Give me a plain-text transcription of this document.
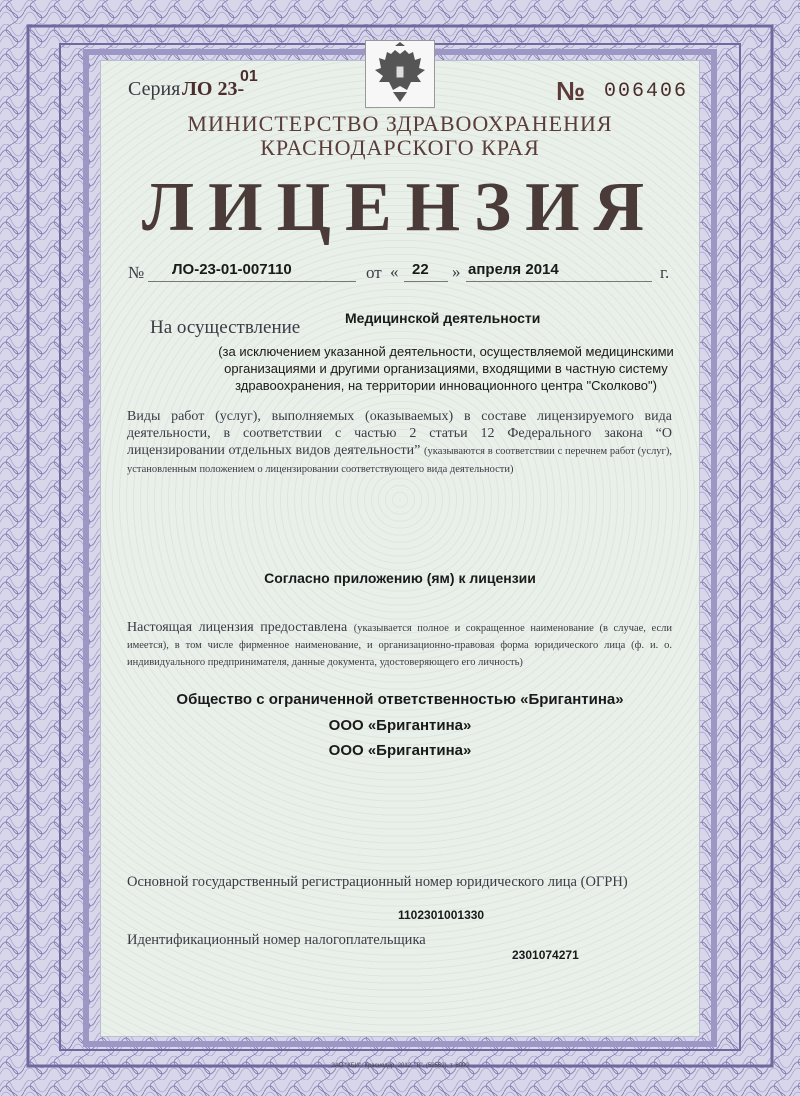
Серия ЛО 23-
01	№ 006406
МИНИСТЕРСТВО ЗДРАВООХРАНЕНИЯ
КРАСНОДАРСКОГО КРАЯ
ЛИЦЕНЗИЯ
№ ЛО-23-01-007110	от « 22 » апреля 2014	г.
На осуществление	Медицинской деятельности
(за исключением указанной деятельности, осуществляемой медицинскими организациями и другими организациями, входящими в частную систему здравоохранения, на территории инновационного центра "Сколково")
Виды работ (услуг), выполняемых (оказываемых) в составе лицензируемого вида деятельности, в соответствии с частью 2 статьи 12 Федерального закона “О лицензировании отдельных видов деятельности” (указываются в соответствии с перечнем работ (услуг), установленным положением о лицензировании соответствующего вида деятельности)
Согласно приложению (ям) к лицензии
Настоящая лицензия предоставлена (указывается полное и сокращенное наименование (в случае, если имеется), в том числе фирменное наименование, и организационно-правовая форма юридического лица (ф. и. о. индивидуального предпринимателя, данные документа, удостоверяющего его личность)
Общество с ограниченной ответственностью «Бригантина»
ООО «Бригантина»
ООО «Бригантина»
Основной государственный регистрационный номер юридического лица (ОГРН)
1102301001330
Идентификационный номер налогоплательщика
2301074271
ЗАО "КБИ", Краснодар, 2012, "В", (58562), т. 6000
